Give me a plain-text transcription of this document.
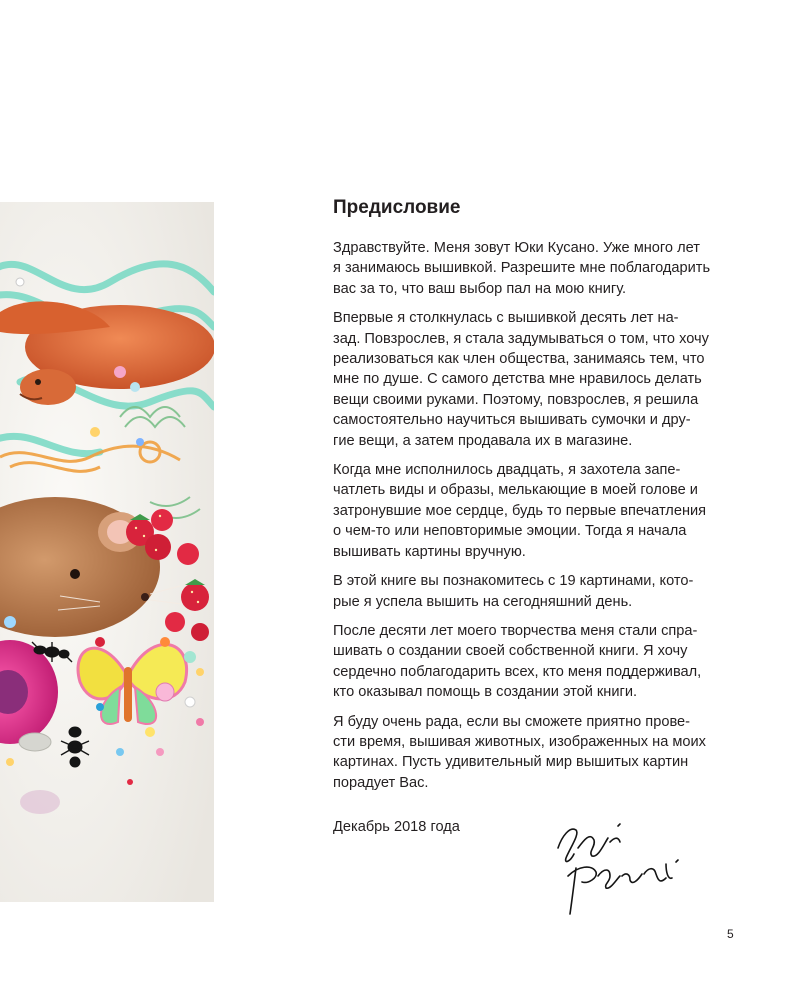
Предисловие

Здравствуйте. Меня зовут Юки Кусано. Уже много лет
я занимаюсь вышивкой. Разрешите мне поблагодарить
вас за то, что ваш выбор пал на мою книгу.

Впервые я столкнулась с вышивкой десять лет на-
зад. Повзрослев, я стала задумываться о том, что хочу
реализоваться как член общества, занимаясь тем, что
мне по душе. С самого детства мне нравилось делать
вещи своими руками. Поэтому, повзрослев, я решила
самостоятельно научиться вышивать сумочки и дру-
гие вещи, а затем продавала их в магазине.

Когда мне исполнилось двадцать, я захотела запе-
чатлеть виды и образы, мелькающие в моей голове и
затронувшие мое сердце, будь то первые впечатления
о чем-то или неповторимые эмоции. Тогда я начала
вышивать картины вручную.

В этой книге вы познакомитесь с 19 картинами, кото-
рые я успела вышить на сегодняшний день.

После десяти лет моего творчества меня стали спра-
шивать о создании своей собственной книги. Я хочу
сердечно поблагодарить всех, кто меня поддерживал,
кто оказывал помощь в создании этой книги.

Я буду очень рада, если вы сможете приятно прове-
сти время, вышивая животных, изображенных на моих
картинах. Пусть удивительный мир вышитых картин
порадует Вас.

Декабрь 2018 года
5
